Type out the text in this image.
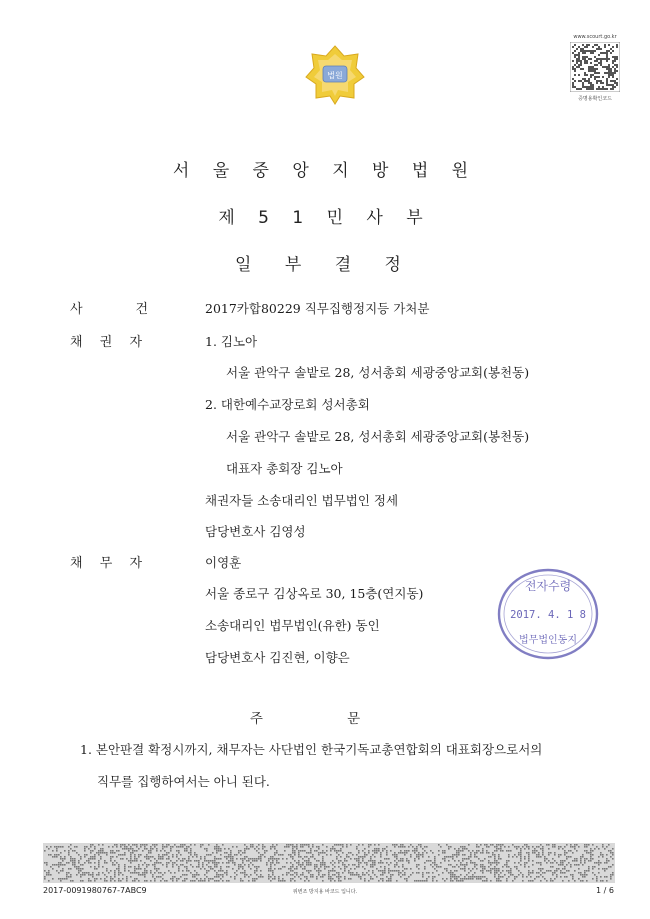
법원
www.scourt.go.kr
증명용확인코드
서 울 중 앙 지 방 법 원
제 5 1 민 사 부
일 부 결 정
사	건	2017카합80229 직무집행정지등 가처분
채 권 자	1. 김노아
서울 관악구 솔밭로 28, 성서총회 세광중앙교회(봉천동)
2. 대한예수교장로회 성서총회
서울 관악구 솔밭로 28, 성서총회 세광중앙교회(봉천동)
대표자 총회장 김노아
채권자들 소송대리인 법무법인 정세
담당변호사 김영성
채 무 자	이영훈
서울 종로구 김상옥로 30, 15층(연지동)
소송대리인 법무법인(유한) 동인
담당변호사 김진현, 이향은
전자수령
2017. 4. 1 8
법무법인동지
주 문
1. 본안판결 확정시까지, 채무자는 사단법인 한국기독교총연합회의 대표회장으로서의
직무를 집행하여서는 아니 된다.
2017-0091980767-7ABC9	위변조 방지용 바코드 입니다.	1 / 6
